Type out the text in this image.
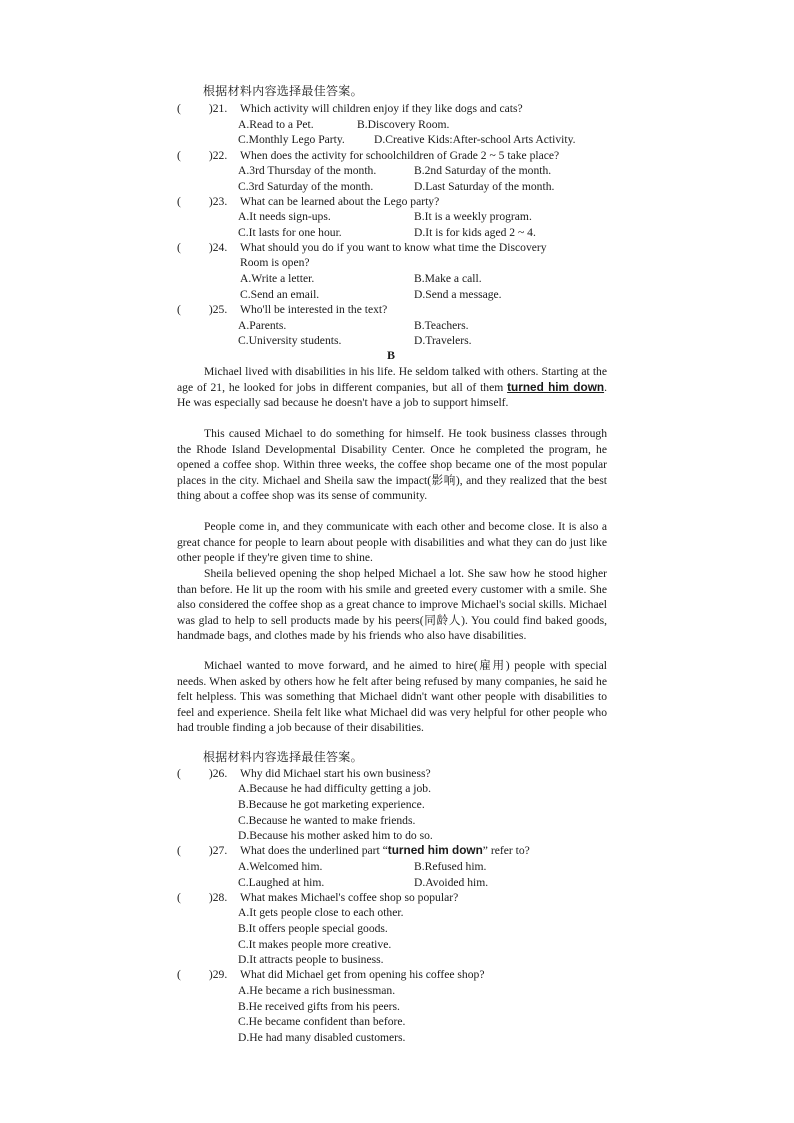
根据材料内容选择最佳答案。
( )21. Which activity will children enjoy if they like dogs and cats?
A.Read to a Pet.	B.Discovery Room.
C.Monthly Lego Party.	D.Creative Kids:After-school Arts Activity.
( )22. When does the activity for schoolchildren of Grade 2 ~ 5 take place?
A.3rd Thursday of the month.	B.2nd Saturday of the month.
C.3rd Saturday of the month.	D.Last Saturday of the month.
( )23. What can be learned about the Lego party?
A.It needs sign-ups.	B.It is a weekly program.
C.It lasts for one hour.	D.It is for kids aged 2 ~ 4.
( )24. What should you do if you want to know what time the Discovery
Room is open?
A.Write a letter.	B.Make a call.
C.Send an email.	D.Send a message.
( )25. Who'll be interested in the text?
A.Parents.	B.Teachers.
C.University students.	D.Travelers.
B
Michael lived with disabilities in his life. He seldom talked with others. Starting at the age of 21, he looked for jobs in different companies, but all of them turned him down. He was especially sad because he doesn't have a job to support himself.
This caused Michael to do something for himself. He took business classes through the Rhode Island Developmental Disability Center. Once he completed the program, he opened a coffee shop. Within three weeks, the coffee shop became one of the most popular places in the city. Michael and Sheila saw the impact(影响), and they realized that the best thing about a coffee shop was its sense of community.
People come in, and they communicate with each other and become close. It is also a great chance for people to learn about people with disabilities and what they can do just like other people if they're given time to shine.
Sheila believed opening the shop helped Michael a lot. She saw how he stood higher than before. He lit up the room with his smile and greeted every customer with a smile. She also considered the coffee shop as a great chance to improve Michael's social skills. Michael was glad to help to sell products made by his peers(同龄人). You could find baked goods, handmade bags, and clothes made by his friends who also have disabilities.
Michael wanted to move forward, and he aimed to hire(雇用) people with special needs. When asked by others how he felt after being refused by many companies, he said he felt helpless. This was something that Michael didn't want other people with disabilities to feel and experience. Sheila felt like what Michael did was very helpful for other people who had trouble finding a job because of their disabilities.
根据材料内容选择最佳答案。
( )26. Why did Michael start his own business?
A.Because he had difficulty getting a job.
B.Because he got marketing experience.
C.Because he wanted to make friends.
D.Because his mother asked him to do so.
( )27. What does the underlined part “turned him down” refer to?
A.Welcomed him.	B.Refused him.
C.Laughed at him.	D.Avoided him.
( )28. What makes Michael's coffee shop so popular?
A.It gets people close to each other.
B.It offers people special goods.
C.It makes people more creative.
D.It attracts people to business.
( )29. What did Michael get from opening his coffee shop?
A.He became a rich businessman.
B.He received gifts from his peers.
C.He became confident than before.
D.He had many disabled customers.
